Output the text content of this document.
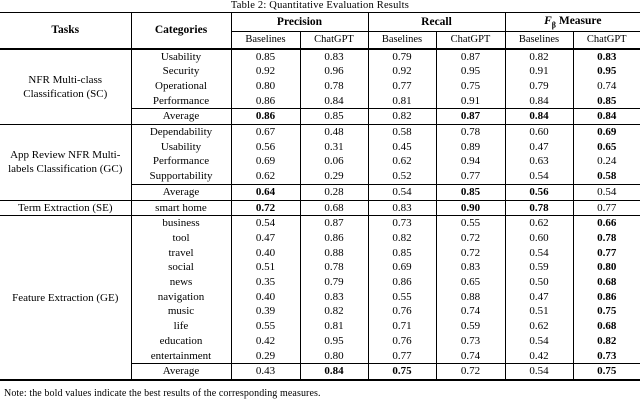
Table 2: Quantitative Evaluation Results
Tasks	Categories	Precision		Recall		$F_\beta$ Measure	
		Baselines	ChatGPT	Baselines	ChatGPT	Baselines	ChatGPT
NFR Multi-class Classification (SC)	Usability	0.85	0.83	0.79	0.87	0.82	0.83
	Security	0.92	0.96	0.92	0.95	0.91	0.95
	Operational	0.80	0.78	0.77	0.75	0.79	0.74
	Performance	0.86	0.84	0.81	0.91	0.84	0.85
	Average	0.86	0.85	0.82	0.87	0.84	0.84
App Review NFR Multi-labels Classification (GC)	Dependability	0.67	0.48	0.58	0.78	0.60	0.69
	Usability	0.56	0.31	0.45	0.89	0.47	0.65
	Performance	0.69	0.06	0.62	0.94	0.63	0.24
	Supportability	0.62	0.29	0.52	0.77	0.54	0.58
	Average	0.64	0.28	0.54	0.85	0.56	0.54
Term Extraction (SE)	smart home	0.72	0.68	0.83	0.90	0.78	0.77
Feature Extraction (GE)	business	0.54	0.87	0.73	0.55	0.62	0.66
	tool	0.47	0.86	0.82	0.72	0.60	0.78
	travel	0.40	0.88	0.85	0.72	0.54	0.77
	social	0.51	0.78	0.69	0.83	0.59	0.80
	news	0.35	0.79	0.86	0.65	0.50	0.68
	navigation	0.40	0.83	0.55	0.88	0.47	0.86
	music	0.39	0.82	0.76	0.74	0.51	0.75
	life	0.55	0.81	0.71	0.59	0.62	0.68
	education	0.42	0.95	0.76	0.73	0.54	0.82
	entertainment	0.29	0.80	0.77	0.74	0.42	0.73
	Average	0.43	0.84	0.75	0.72	0.54	0.75
Note: the bold values indicate the best results of the corresponding measures.
